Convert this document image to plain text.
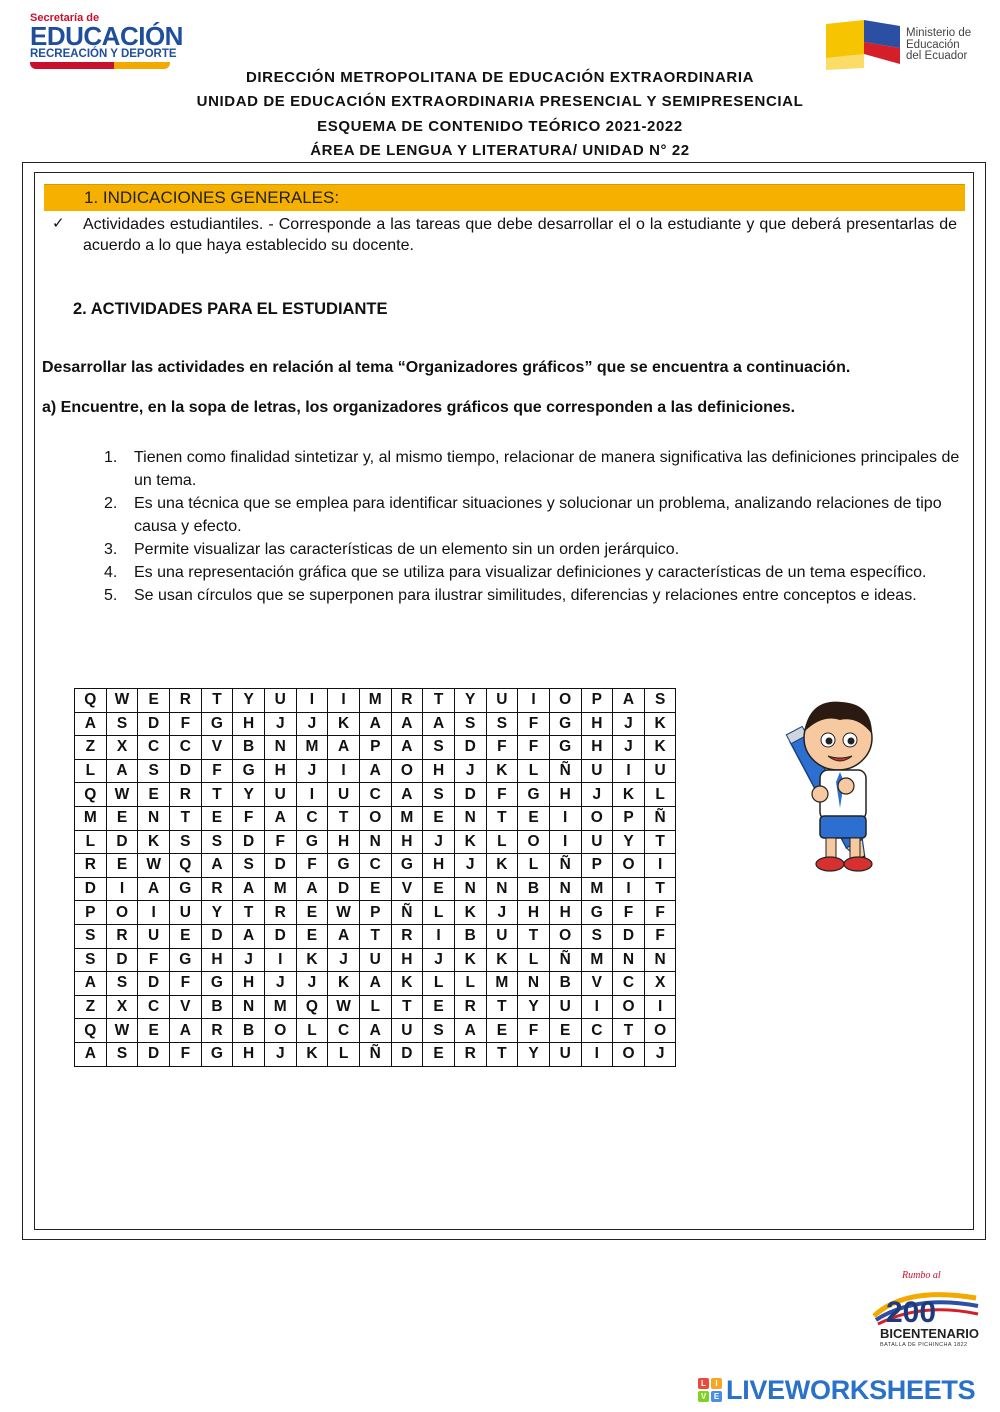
Secretaría de
EDUCACIÓN
RECREACIÓN Y DEPORTE
Ministerio de
Educación
del Ecuador
DIRECCIÓN METROPOLITANA DE EDUCACIÓN EXTRAORDINARIA
UNIDAD DE EDUCACIÓN EXTRAORDINARIA PRESENCIAL Y SEMIPRESENCIAL
ESQUEMA DE CONTENIDO TEÓRICO 2021-2022
ÁREA DE LENGUA Y LITERATURA/ UNIDAD N° 22
1. INDICACIONES GENERALES:
✓ Actividades estudiantiles. - Corresponde a las tareas que debe desarrollar el o la estudiante y que deberá presentarlas de acuerdo a lo que haya establecido su docente.
2. ACTIVIDADES PARA EL ESTUDIANTE
Desarrollar las actividades en relación al tema “Organizadores gráficos” que se encuentra a continuación.
a) Encuentre, en la sopa de letras, los organizadores gráficos que corresponden a las definiciones.
1.	Tienen como finalidad sintetizar y, al mismo tiempo, relacionar de manera significativa las definiciones principales de un tema.
2.	Es una técnica que se emplea para identificar situaciones y solucionar un problema, analizando relaciones de tipo causa y efecto.
3.	Permite visualizar las características de un elemento sin un orden jerárquico.
4.	Es una representación gráfica que se utiliza para visualizar definiciones y características de un tema específico.
5.	Se usan círculos que se superponen para ilustrar similitudes, diferencias y relaciones entre conceptos e ideas.
Q	W	E	R	T	Y	U	I	I	M	R	T	Y	U	I	O	P	A	S
A	S	D	F	G	H	J	J	K	A	A	A	S	S	F	G	H	J	K
Z	X	C	C	V	B	N	M	A	P	A	S	D	F	F	G	H	J	K
L	A	S	D	F	G	H	J	I	A	O	H	J	K	L	Ñ	U	I	U
Q	W	E	R	T	Y	U	I	U	C	A	S	D	F	G	H	J	K	L
M	E	N	T	E	F	A	C	T	O	M	E	N	T	E	I	O	P	Ñ
L	D	K	S	S	D	F	G	H	N	H	J	K	L	O	I	U	Y	T
R	E	W	Q	A	S	D	F	G	C	G	H	J	K	L	Ñ	P	O	I
D	I	A	G	R	A	M	A	D	E	V	E	N	N	B	N	M	I	T
P	O	I	U	Y	T	R	E	W	P	Ñ	L	K	J	H	H	G	F	F
S	R	U	E	D	A	D	E	A	T	R	I	B	U	T	O	S	D	F
S	D	F	G	H	J	I	K	J	U	H	J	K	K	L	Ñ	M	N	N
A	S	D	F	G	H	J	J	K	A	K	L	L	M	N	B	V	C	X
Z	X	C	V	B	N	M	Q	W	L	T	E	R	T	Y	U	I	O	I
Q	W	E	A	R	B	O	L	C	A	U	S	A	E	F	E	C	T	O
A	S	D	F	G	H	J	K	L	Ñ	D	E	R	T	Y	U	I	O	J
Rumbo al
200
BICENTENARIO
BATALLA DE PICHINCHA 1822
L	I
V E LIVEWORKSHEETS
